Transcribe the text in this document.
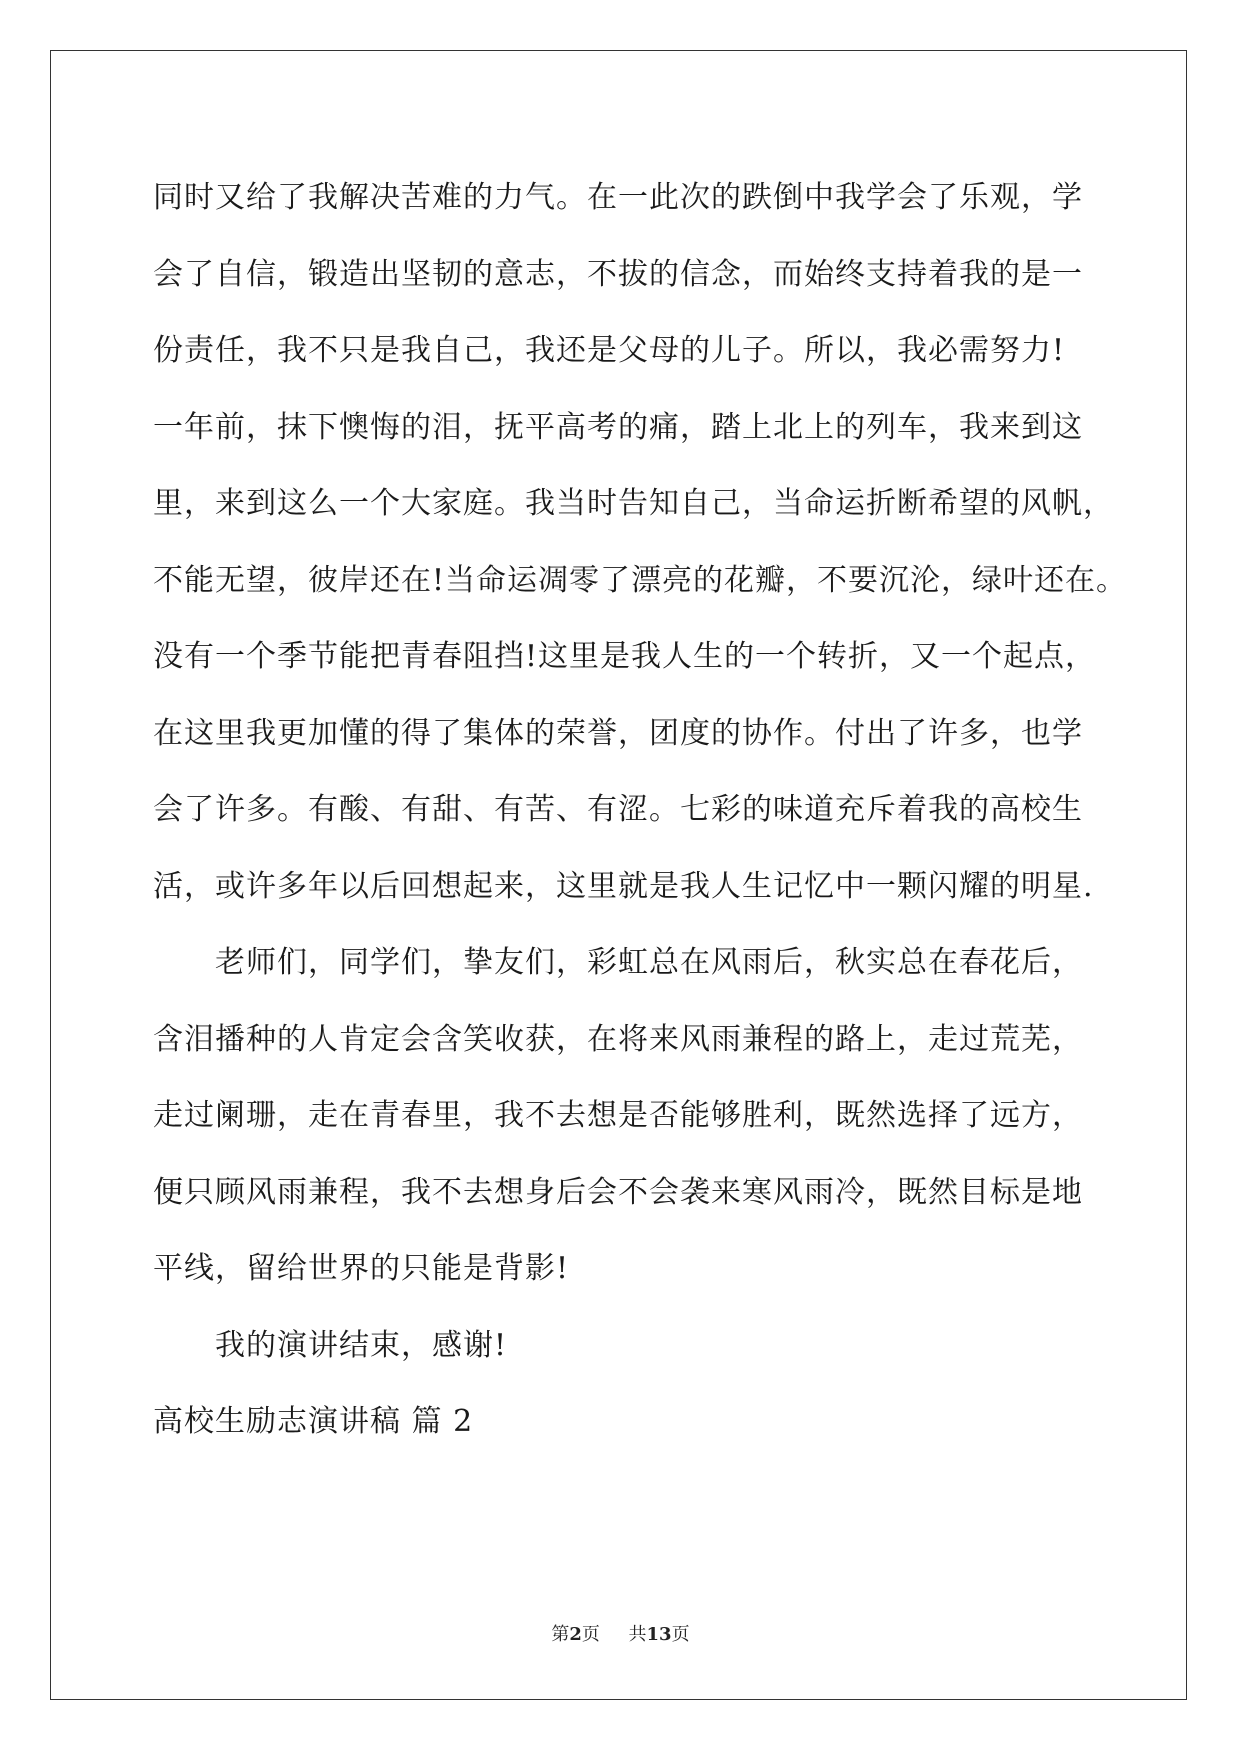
同时又给了我解决苦难的力气。在一此次的跌倒中我学会了乐观，学
会了自信，锻造出坚韧的意志，不拔的信念，而始终支持着我的是一
份责任，我不只是我自己，我还是父母的儿子。所以，我必需努力!
一年前，抹下懊悔的泪，抚平高考的痛，踏上北上的列车，我来到这
里，来到这么一个大家庭。我当时告知自己，当命运折断希望的风帆，
不能无望，彼岸还在!当命运凋零了漂亮的花瓣，不要沉沦，绿叶还在。
没有一个季节能把青春阻挡!这里是我人生的一个转折，又一个起点，
在这里我更加懂的得了集体的荣誉，团度的协作。付出了许多，也学
会了许多。有酸、有甜、有苦、有涩。七彩的味道充斥着我的高校生
活，或许多年以后回想起来，这里就是我人生记忆中一颗闪耀的明星.
老师们，同学们，挚友们，彩虹总在风雨后，秋实总在春花后，
含泪播种的人肯定会含笑收获，在将来风雨兼程的路上，走过荒芜，
走过阑珊，走在青春里，我不去想是否能够胜利，既然选择了远方，
便只顾风雨兼程，我不去想身后会不会袭来寒风雨冷，既然目标是地
平线，留给世界的只能是背影!
我的演讲结束，感谢!
高校生励志演讲稿 篇 2
第2页 共13页
